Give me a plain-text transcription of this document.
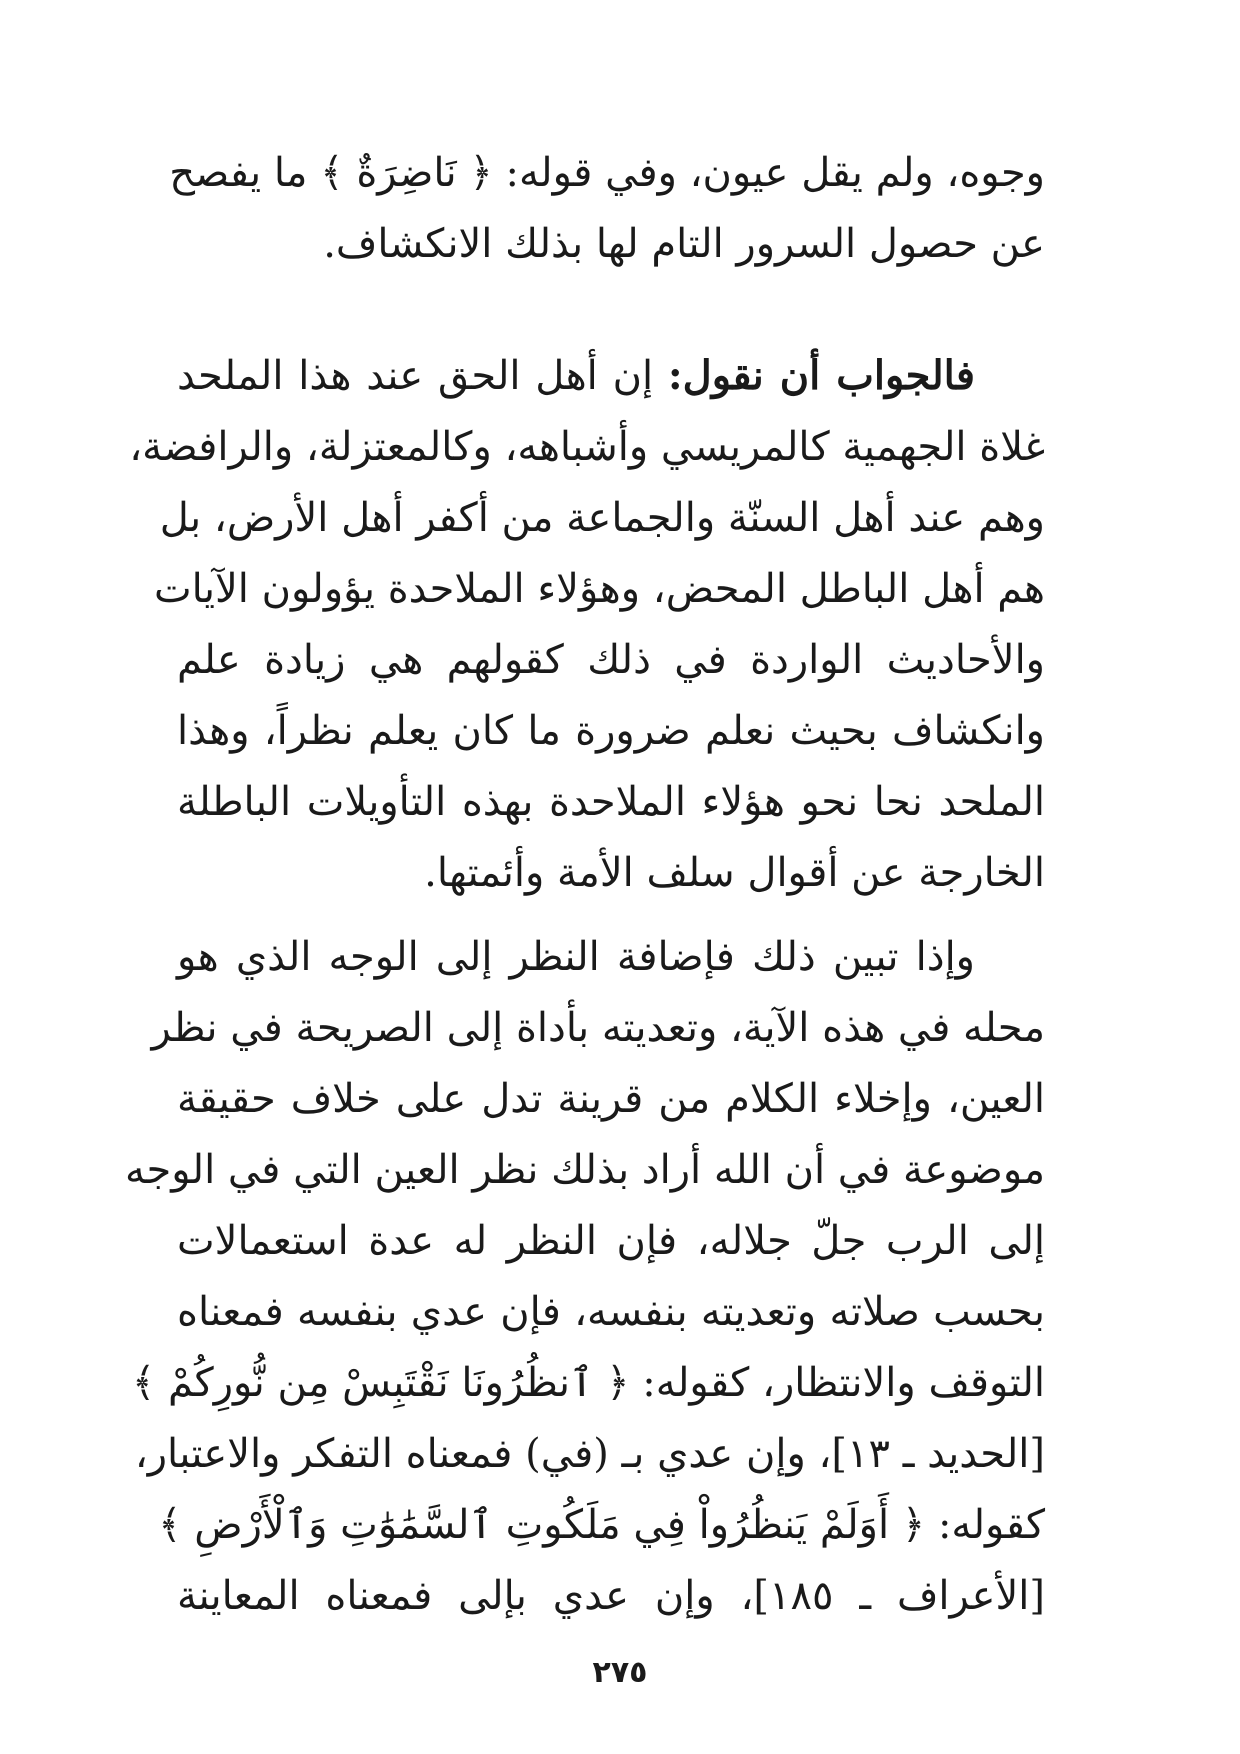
وجوه، ولم يقل عيون، وفي قوله: ﴿ نَاضِرَةٌ ﴾ ما يفصح
عن حصول السرور التام لها بذلك الانكشاف.
فالجواب أن نقول: إن أهل الحق عند هذا الملحد
غلاة الجهمية كالمريسي وأشباهه، وكالمعتزلة، والرافضة،
وهم عند أهل السنّة والجماعة من أكفر أهل الأرض، بل
هم أهل الباطل المحض، وهؤلاء الملاحدة يؤولون الآيات
والأحاديث الواردة في ذلك كقولهم هي زيادة علم
وانكشاف بحيث نعلم ضرورة ما كان يعلم نظراً، وهذا
الملحد نحا نحو هؤلاء الملاحدة بهذه التأويلات الباطلة
الخارجة عن أقوال سلف الأمة وأئمتها.
وإذا تبين ذلك فإضافة النظر إلى الوجه الذي هو
محله في هذه الآية، وتعديته بأداة إلى الصريحة في نظر
العين، وإخلاء الكلام من قرينة تدل على خلاف حقيقة
موضوعة في أن الله أراد بذلك نظر العين التي في الوجه
إلى الرب جلّ جلاله، فإن النظر له عدة استعمالات
بحسب صلاته وتعديته بنفسه، فإن عدي بنفسه فمعناه
التوقف والانتظار، كقوله: ﴿ ٱنظُرُونَا نَقْتَبِسْ مِن نُّورِكُمْ ﴾
[الحديد ـ ١٣]، وإن عدي بـ (في) فمعناه التفكر والاعتبار،
كقوله: ﴿ أَوَلَمْ يَنظُرُواْ فِي مَلَكُوتِ ٱلسَّمَٰوَٰتِ وَٱلْأَرْضِ ﴾
[الأعراف ـ ١٨٥]، وإن عدي بإلى فمعناه المعاينة
٢٧٥
